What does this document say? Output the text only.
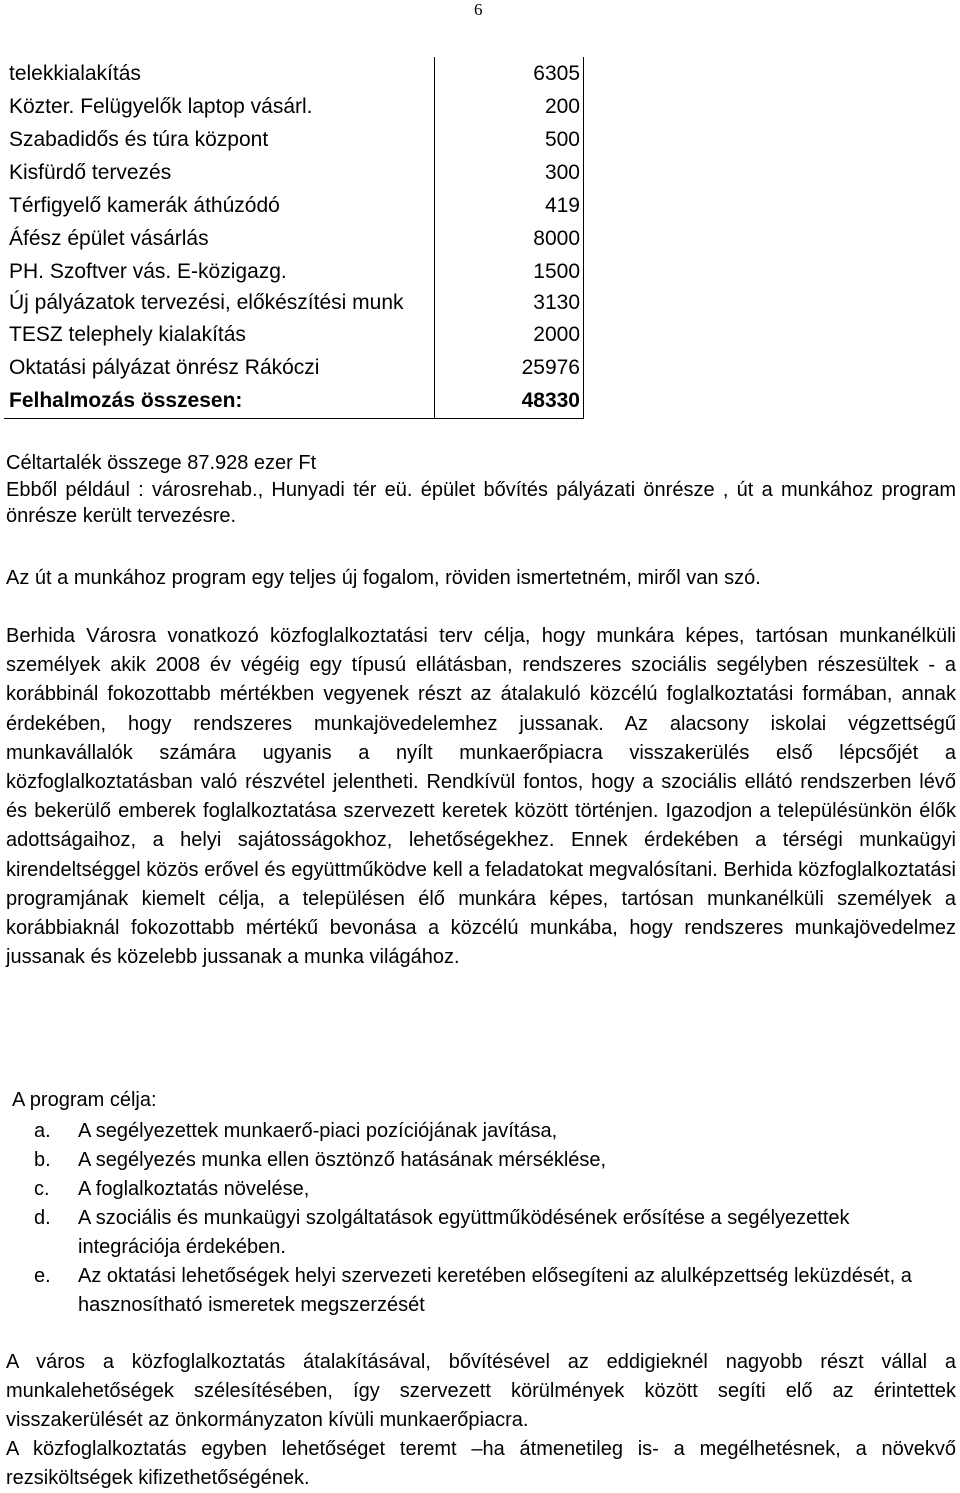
6
telekkialakítás	6305
Közter. Felügyelők laptop vásárl.	200
Szabadidős és túra központ	500
Kisfürdő tervezés	300
Térfigyelő kamerák áthúzódó	419
Áfész épület vásárlás	8000
PH. Szoftver vás. E-közigazg.	1500
Új pályázatok tervezési, előkészítési munk	3130
TESZ telephely kialakítás	2000
Oktatási pályázat önrész Rákóczi	25976
Felhalmozás összesen:	48330

Céltartalék összege 87.928 ezer Ft

Ebből például : városrehab., Hunyadi tér eü. épület bővítés pályázati önrésze , út a munkához program önrésze került tervezésre.

Az út a munkához program egy teljes új fogalom, röviden ismertetném, miről van szó.

Berhida Városra vonatkozó közfoglalkoztatási terv célja, hogy munkára képes, tartósan munkanélküli személyek akik 2008 év végéig egy típusú ellátásban, rendszeres szociális segélyben részesültek - a korábbinál fokozottabb mértékben vegyenek részt az átalakuló közcélú foglalkoztatási formában, annak érdekében, hogy rendszeres munkajövedelemhez jussanak. Az alacsony iskolai végzettségű munkavállalók számára ugyanis a nyílt munkaerőpiacra visszakerülés első lépcsőjét a közfoglalkoztatásban való részvétel jelentheti. Rendkívül fontos, hogy a szociális ellátó rendszerben lévő és bekerülő emberek foglalkoztatása szervezett keretek között történjen. Igazodjon a településünkön élők adottságaihoz, a helyi sajátosságokhoz, lehetőségekhez. Ennek érdekében a térségi munkaügyi kirendeltséggel közös erővel és együttműködve kell a feladatokat megvalósítani. Berhida közfoglalkoztatási programjának kiemelt célja, a településen élő munkára képes, tartósan munkanélküli személyek a korábbiaknál fokozottabb mértékű bevonása a közcélú munkába, hogy rendszeres munkajövedelmez jussanak és közelebb jussanak a munka világához.

A program célja:

a.	A segélyezettek munkaerő-piaci pozíciójának javítása,
b.	A segélyezés munka ellen ösztönző hatásának mérséklése,
c.	A foglalkoztatás növelése,
d.	A szociális és munkaügyi szolgáltatások együttműködésének erősítése a segélyezettek integrációja érdekében.
e.	Az oktatási lehetőségek helyi szervezeti keretében elősegíteni az alulképzettség leküzdését, a hasznosítható ismeretek megszerzését

A város a közfoglalkoztatás átalakításával, bővítésével az eddigieknél nagyobb részt vállal a munkalehetőségek szélesítésében, így szervezett körülmények között segíti elő az érintettek visszakerülését az önkormányzaton kívüli munkaerőpiacra.

A közfoglalkoztatás egyben lehetőséget teremt –ha átmenetileg is- a megélhetésnek, a növekvő rezsiköltségek kifizethetőségének.
